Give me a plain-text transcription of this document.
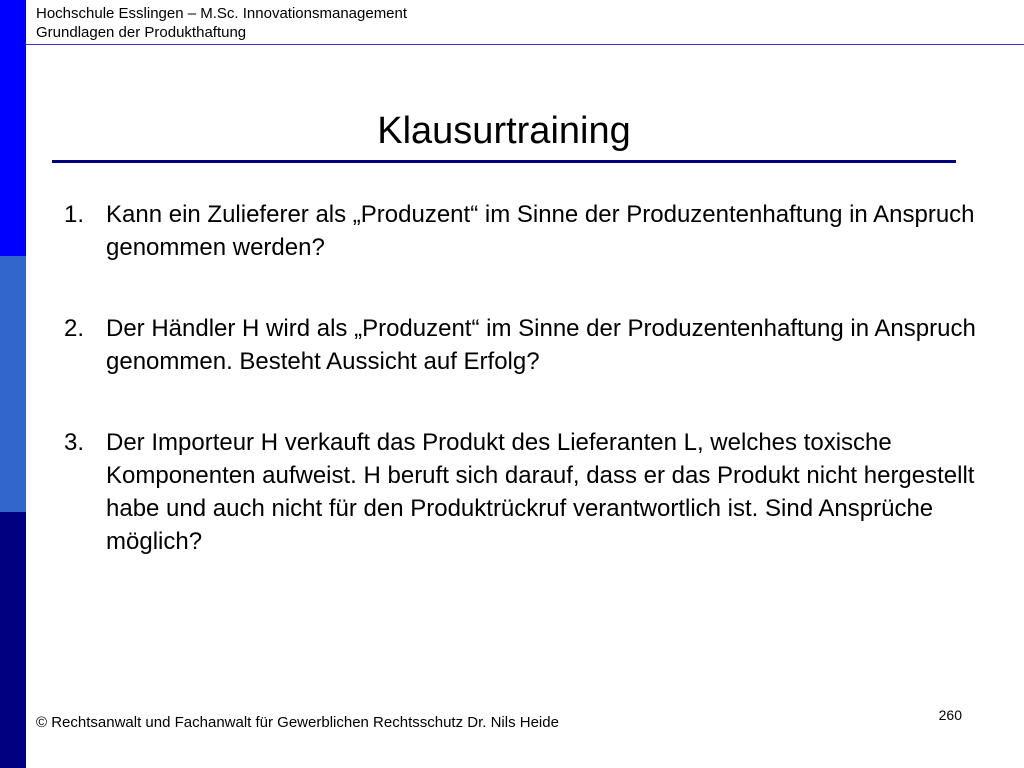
Hochschule Esslingen – M.Sc. Innovationsmanagement
Grundlagen der Produkthaftung
Klausurtraining
1. Kann ein Zulieferer als „Produzent“ im Sinne der Produzentenhaftung in Anspruch genommen werden?
2. Der Händler H wird als „Produzent“ im Sinne der Produzentenhaftung in Anspruch genommen. Besteht Aussicht auf Erfolg?
3. Der Importeur H verkauft das Produkt des Lieferanten L, welches toxische Komponenten aufweist. H beruft sich darauf, dass er das Produkt nicht hergestellt habe und auch nicht für den Produktrückruf verantwortlich ist. Sind Ansprüche möglich?
260
© Rechtsanwalt und Fachanwalt für Gewerblichen Rechtsschutz Dr. Nils Heide
